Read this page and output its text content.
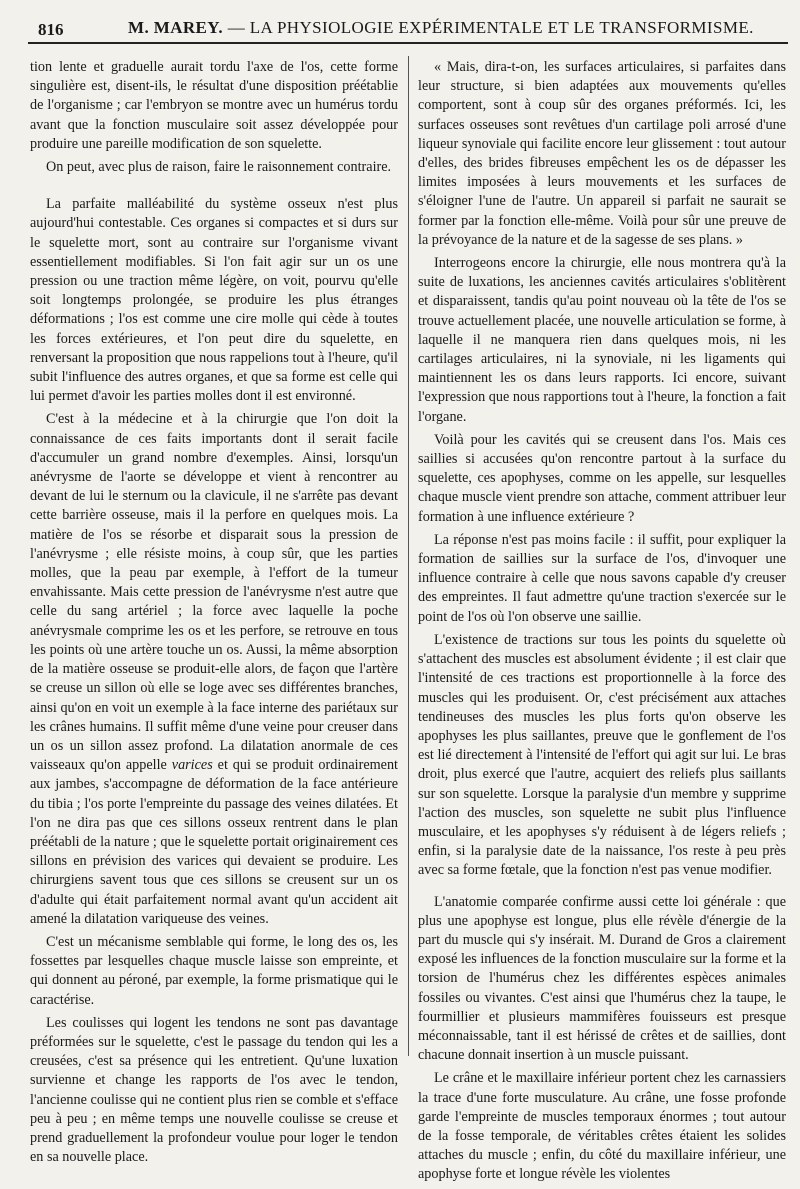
816	M. MAREY. — LA PHYSIOLOGIE EXPÉRIMENTALE ET LE TRANSFORMISME.

tion lente et graduelle aurait tordu l'axe de l'os, cette forme singulière est, disent-ils, le résultat d'une disposition préétablie de l'organisme ; car l'embryon se montre avec un humérus tordu avant que la fonction musculaire soit assez développée pour produire une pareille modification de son squelette.

On peut, avec plus de raison, faire le raisonnement contraire.

La parfaite malléabilité du système osseux n'est plus aujourd'hui contestable. Ces organes si compactes et si durs sur le squelette mort, sont au contraire sur l'organisme vivant essentiellement modifiables. Si l'on fait agir sur un os une pression ou une traction même légère, on voit, pourvu qu'elle soit longtemps prolongée, se produire les plus étranges déformations ; l'os est comme une cire molle qui cède à toutes les forces extérieures, et l'on peut dire du squelette, en renversant la proposition que nous rappelions tout à l'heure, qu'il subit l'influence des autres organes, et que sa forme est celle qui lui permet d'avoir les parties molles dont il est environné.

C'est à la médecine et à la chirurgie que l'on doit la connaissance de ces faits importants dont il serait facile d'accumuler un grand nombre d'exemples. Ainsi, lorsqu'un anévrysme de l'aorte se développe et vient à rencontrer au devant de lui le sternum ou la clavicule, il ne s'arrête pas devant cette barrière osseuse, mais il la perfore en quelques mois. La matière de l'os se résorbe et disparait sous la pression de l'anévrysme ; elle résiste moins, à coup sûr, que les parties molles, que la peau par exemple, à l'effort de la tumeur envahissante. Mais cette pression de l'anévrysme n'est autre que celle du sang artériel ; la force avec laquelle la poche anévrysmale comprime les os et les perfore, se retrouve en tous les points où une artère touche un os. Aussi, la même absorption de la matière osseuse se produit-elle alors, de façon que l'artère se creuse un sillon où elle se loge avec ses différentes branches, ainsi qu'on en voit un exemple à la face interne des pariétaux sur les crânes humains. Il suffit même d'une veine pour creuser dans un os un sillon assez profond. La dilatation anormale de ces vaisseaux qu'on appelle varices et qui se produit ordinairement aux jambes, s'accompagne de déformation de la face antérieure du tibia ; l'os porte l'empreinte du passage des veines dilatées. Et l'on ne dira pas que ces sillons osseux rentrent dans le plan préétabli de la nature ; que le squelette portait originairement ces sillons en prévision des varices qui devaient se produire. Les chirurgiens savent tous que ces sillons se creusent sur un os d'adulte qui était parfaitement normal avant qu'un accident ait amené la dilatation variqueuse des veines.

C'est un mécanisme semblable qui forme, le long des os, les fossettes par lesquelles chaque muscle laisse son empreinte, et qui donnent au péroné, par exemple, la forme prismatique qui le caractérise.

Les coulisses qui logent les tendons ne sont pas davantage préformées sur le squelette, c'est le passage du tendon qui les a creusées, c'est sa présence qui les entretient. Qu'une luxation survienne et change les rapports de l'os avec le tendon, l'ancienne coulisse qui ne contient plus rien se comble et s'efface peu à peu ; en même temps une nouvelle coulisse se creuse et prend graduellement la profondeur voulue pour loger le tendon en sa nouvelle place.

« Mais, dira-t-on, les surfaces articulaires, si parfaites dans leur structure, si bien adaptées aux mouvements qu'elles comportent, sont à coup sûr des organes préformés. Ici, les surfaces osseuses sont revêtues d'un cartilage poli arrosé d'une liqueur synoviale qui facilite encore leur glissement : tout autour d'elles, des brides fibreuses empêchent les os de dépasser les limites imposées à leurs mouvements et les surfaces de s'éloigner l'une de l'autre. Un appareil si parfait ne saurait se former par la fonction elle-même. Voilà pour sûr une preuve de la prévoyance de la nature et de la sagesse de ses plans. »

Interrogeons encore la chirurgie, elle nous montrera qu'à la suite de luxations, les anciennes cavités articulaires s'oblitèrent et disparaissent, tandis qu'au point nouveau où la tête de l'os se trouve actuellement placée, une nouvelle articulation se forme, à laquelle il ne manquera rien dans quelques mois, ni les cartilages articulaires, ni la synoviale, ni les ligaments qui maintiennent les os dans leurs rapports. Ici encore, suivant l'expression que nous rapportions tout à l'heure, la fonction a fait l'organe.

Voilà pour les cavités qui se creusent dans l'os. Mais ces saillies si accusées qu'on rencontre partout à la surface du squelette, ces apophyses, comme on les appelle, sur lesquelles chaque muscle vient prendre son attache, comment attribuer leur formation à une influence extérieure ?

La réponse n'est pas moins facile : il suffit, pour expliquer la formation de saillies sur la surface de l'os, d'invoquer une influence contraire à celle que nous savons capable d'y creuser des empreintes. Il faut admettre qu'une traction s'exercée sur le point de l'os où l'on observe une saillie.

L'existence de tractions sur tous les points du squelette où s'attachent des muscles est absolument évidente ; il est clair que l'intensité de ces tractions est proportionnelle à la force des muscles qui les produisent. Or, c'est précisément aux attaches tendineuses des muscles les plus forts qu'on observe les apophyses les plus saillantes, preuve que le gonflement de l'os est lié directement à l'intensité de l'effort qui agit sur lui. Le bras droit, plus exercé que l'autre, acquiert des reliefs plus saillants sur son squelette. Lorsque la paralysie d'un membre y supprime l'action des muscles, son squelette ne subit plus l'influence musculaire, et les apophyses s'y réduisent à de légers reliefs ; enfin, si la paralysie date de la naissance, l'os reste à peu près avec sa forme fœtale, que la fonction n'est pas venue modifier.

L'anatomie comparée confirme aussi cette loi générale : que plus une apophyse est longue, plus elle révèle d'énergie de la part du muscle qui s'y insérait. M. Durand de Gros a clairement exposé les influences de la fonction musculaire sur la forme et la torsion de l'humérus chez les différentes espèces animales fossiles ou vivantes. C'est ainsi que l'humérus chez la taupe, le fourmillier et plusieurs mammifères fouisseurs est presque méconnaissable, tant il est hérissé de crêtes et de saillies, dont chacune donnait insertion à un muscle puissant.

Le crâne et le maxillaire inférieur portent chez les carnassiers la trace d'une forte musculature. Au crâne, une fosse profonde garde l'empreinte de muscles temporaux énormes ; tout autour de la fosse temporale, de véritables crêtes étaient les solides attaches du muscle ; enfin, du côté du maxillaire inférieur, une apophyse forte et longue révèle les violentes
